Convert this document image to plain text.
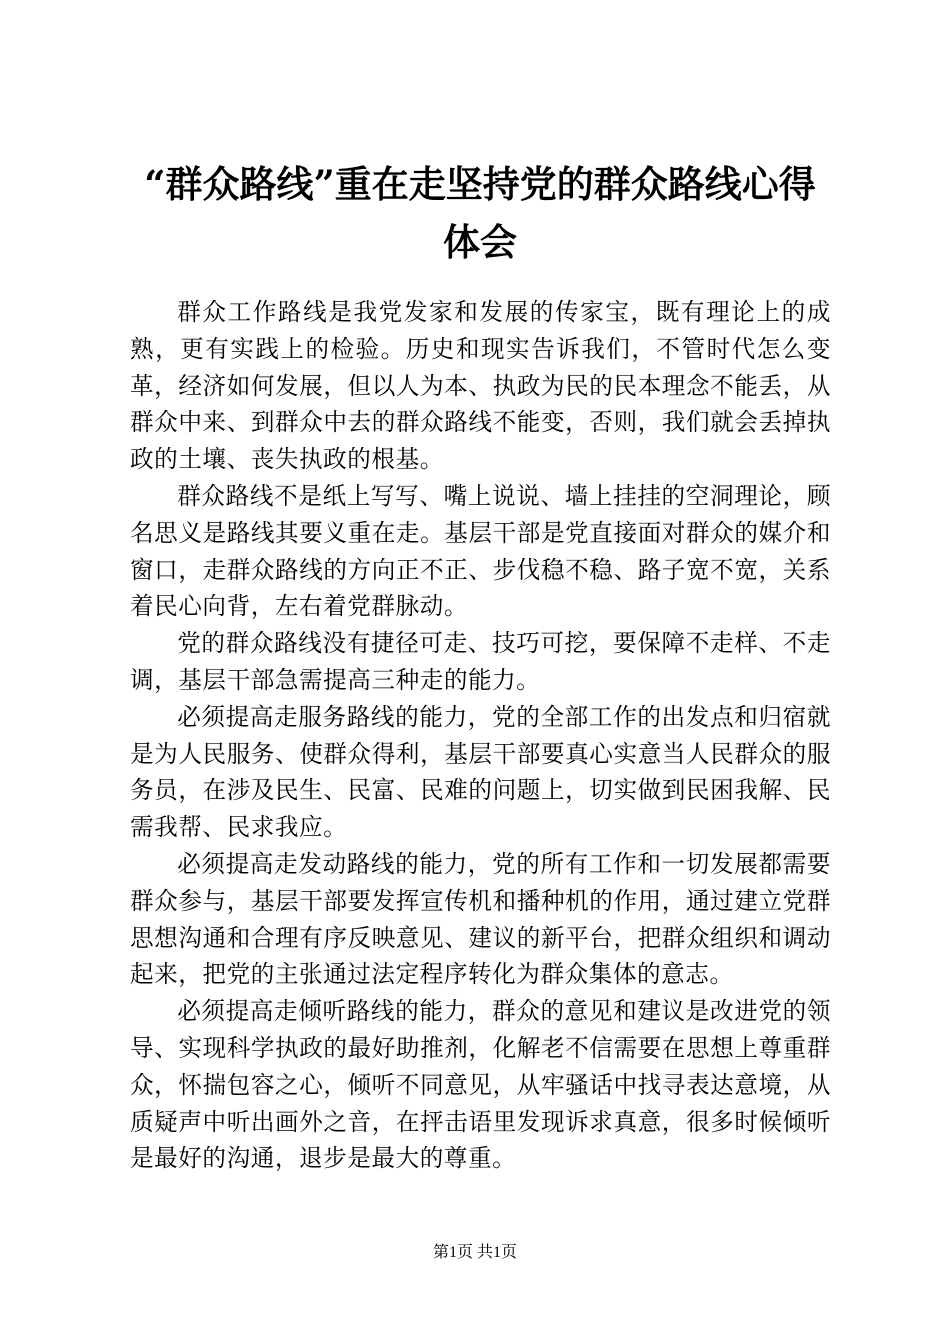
“群众路线”重在走坚持党的群众路线心得体会

群众工作路线是我党发家和发展的传家宝，既有理论上的成熟，更有实践上的检验。历史和现实告诉我们，不管时代怎么变革，经济如何发展，但以人为本、执政为民的民本理念不能丢，从群众中来、到群众中去的群众路线不能变，否则，我们就会丢掉执政的土壤、丧失执政的根基。

群众路线不是纸上写写、嘴上说说、墙上挂挂的空洞理论，顾名思义是路线其要义重在走。基层干部是党直接面对群众的媒介和窗口，走群众路线的方向正不正、步伐稳不稳、路子宽不宽，关系着民心向背，左右着党群脉动。

党的群众路线没有捷径可走、技巧可挖，要保障不走样、不走调，基层干部急需提高三种走的能力。

必须提高走服务路线的能力，党的全部工作的出发点和归宿就是为人民服务、使群众得利，基层干部要真心实意当人民群众的服务员，在涉及民生、民富、民难的问题上，切实做到民困我解、民需我帮、民求我应。

必须提高走发动路线的能力，党的所有工作和一切发展都需要群众参与，基层干部要发挥宣传机和播种机的作用，通过建立党群思想沟通和合理有序反映意见、建议的新平台，把群众组织和调动起来，把党的主张通过法定程序转化为群众集体的意志。

必须提高走倾听路线的能力，群众的意见和建议是改进党的领导、实现科学执政的最好助推剂，化解老不信需要在思想上尊重群众，怀揣包容之心，倾听不同意见，从牢骚话中找寻表达意境，从质疑声中听出画外之音，在抨击语里发现诉求真意，很多时候倾听是最好的沟通，退步是最大的尊重。

第1页 共1页
